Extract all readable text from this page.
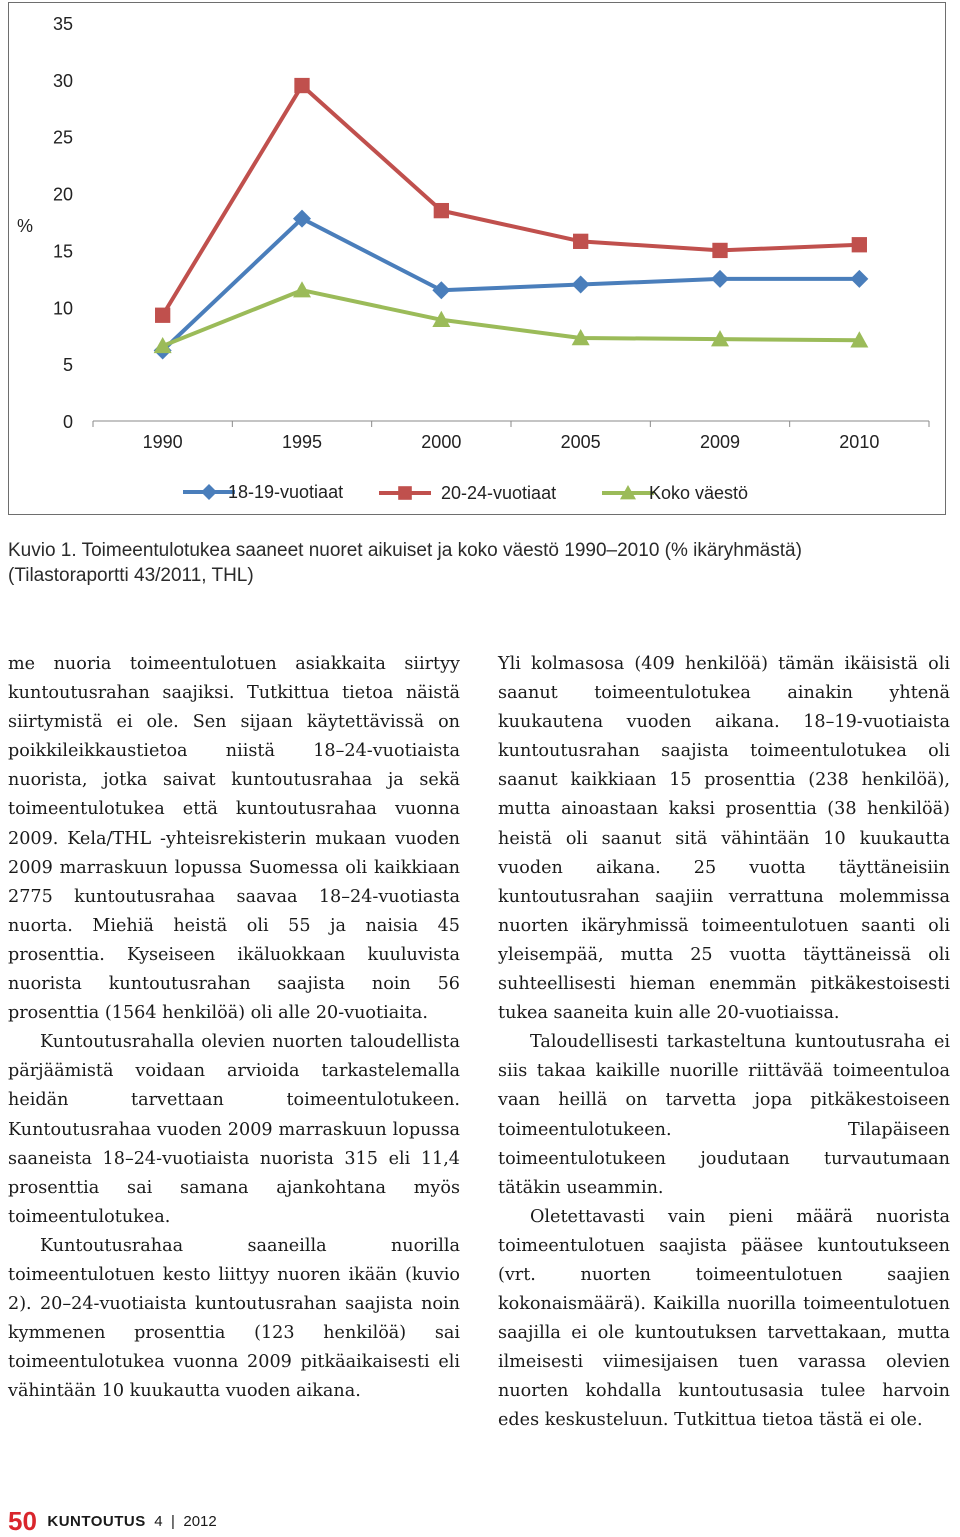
0
5
10
15
20
25
30
35
%
1990	1995	2000	2005	2009	2010
18-19-vuotiaat	20-24-vuotiaat	Koko väestö
Kuvio 1. Toimeentulotukea saaneet nuoret aikuiset ja koko väestö 1990–2010 (% ikäryhmästä)
(Tilastoraportti 43/2011, THL)

me nuoria toimeentulotuen asiakkaita siirtyy kuntoutusrahan saajiksi. Tutkittua tietoa näistä siirtymistä ei ole. Sen sijaan käytettävissä on poikkileikkaustietoa niistä 18–24-vuotiaista nuorista, jotka saivat kuntoutusrahaa ja sekä toimeentulotukea että kuntoutusrahaa vuonna 2009. Kela/THL -yhteisrekisterin mukaan vuoden 2009 marraskuun lopussa Suomessa oli kaikkiaan 2775 kuntoutusrahaa saavaa 18–24-vuotiasta nuorta. Miehiä heistä oli 55 ja naisia 45 prosenttia. Kyseiseen ikäluokkaan kuuluvista nuorista kuntoutusrahan saajista noin 56 prosenttia (1564 henkilöä) oli alle 20-vuotiaita.

Kuntoutusrahalla olevien nuorten taloudellista pärjäämistä voidaan arvioida tarkastelemalla heidän tarvettaan toimeentulotukeen. Kuntoutusrahaa vuoden 2009 marraskuun lopussa saaneista 18–24-vuotiaista nuorista 315 eli 11,4 prosenttia sai samana ajankohtana myös toimeentulotukea.

Kuntoutusrahaa saaneilla nuorilla toimeentulotuen kesto liittyy nuoren ikään (kuvio 2). 20–24-vuotiaista kuntoutusrahan saajista noin kymmenen prosenttia (123 henkilöä) sai toimeentulotukea vuonna 2009 pitkäaikaisesti eli vähintään 10 kuukautta vuoden aikana.

Yli kolmasosa (409 henkilöä) tämän ikäisistä oli saanut toimeentulotukea ainakin yhtenä kuukautena vuoden aikana. 18–19-vuotiaista kuntoutusrahan saajista toimeentulotukea oli saanut kaikkiaan 15 prosenttia (238 henkilöä), mutta ainoastaan kaksi prosenttia (38 henkilöä) heistä oli saanut sitä vähintään 10 kuukautta vuoden aikana. 25 vuotta täyttäneisiin kuntoutusrahan saajiin verrattuna molemmissa nuorten ikäryhmissä toimeentulotuen saanti oli yleisempää, mutta 25 vuotta täyttäneissä oli suhteellisesti hieman enemmän pitkäkestoisesti tukea saaneita kuin alle 20-vuotiaissa.

Taloudellisesti tarkasteltuna kuntoutusraha ei siis takaa kaikille nuorille riittävää toimeentuloa vaan heillä on tarvetta jopa pitkäkestoiseen toimeentulotukeen. Tilapäiseen toimeentulotukeen joudutaan turvautumaan tätäkin useammin.

Oletettavasti vain pieni määrä nuorista toimeentulotuen saajista pääsee kuntoutukseen (vrt. nuorten toimeentulotuen saajien kokonaismäärä). Kaikilla nuorilla toimeentulotuen saajilla ei ole kuntoutuksen tarvettakaan, mutta ilmeisesti viimesijaisen tuen varassa olevien nuorten kohdalla kuntoutusasia tulee harvoin edes keskusteluun. Tutkittua tietoa tästä ei ole.

50 KUNTOUTUS 4 | 2012
